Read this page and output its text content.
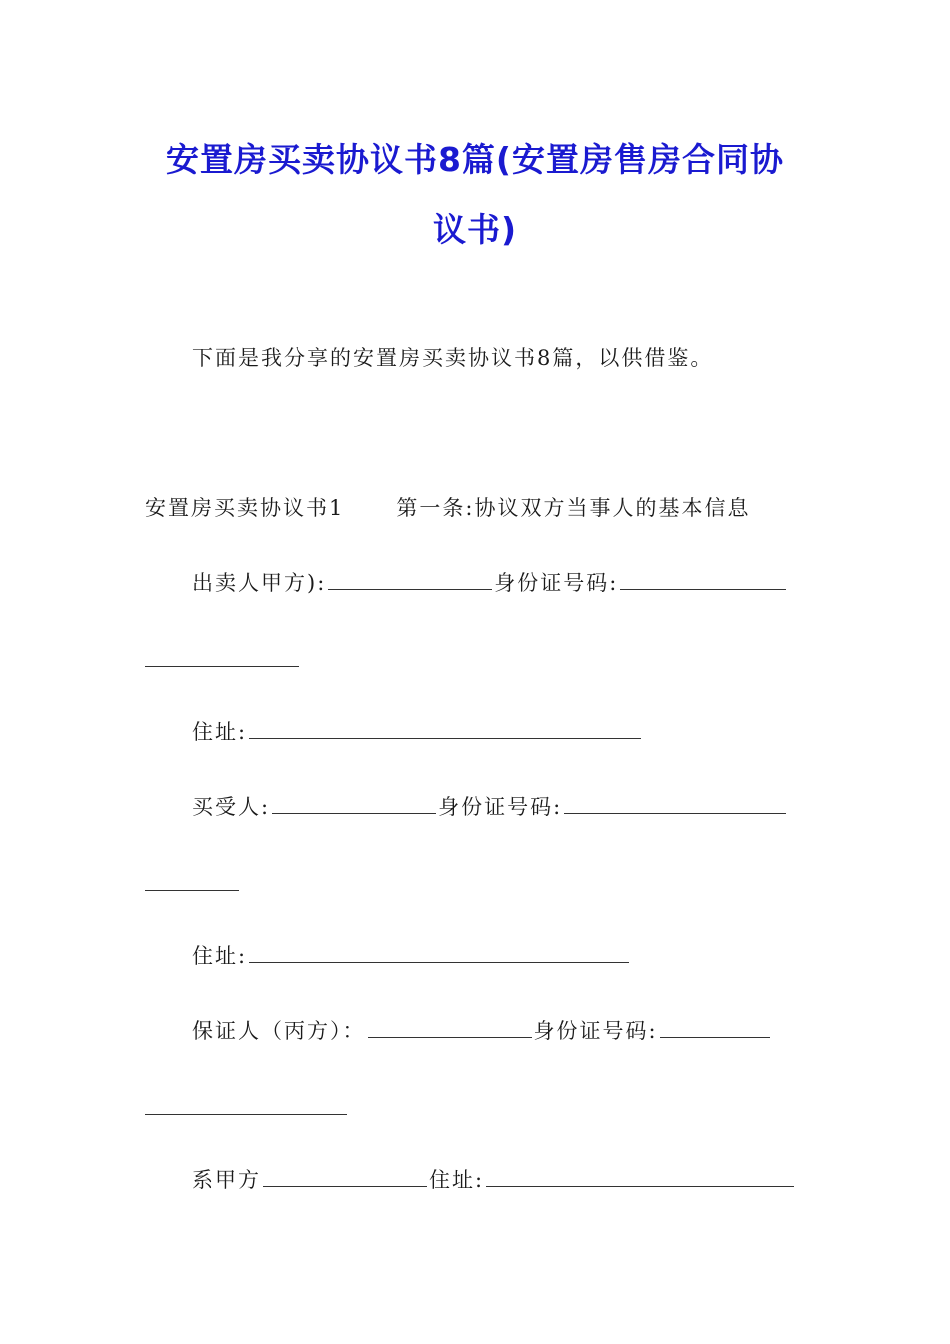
安置房买卖协议书8篇(安置房售房合同协
议书)
下面是我分享的安置房买卖协议书8篇，以供借鉴。
安置房买卖协议书1 第一条:协议双方当事人的基本信息
出卖人甲方):	身份证号码:
住址:
买受人:	身份证号码:
住址:
保证人（丙方）：	身份证号码:
系甲方	住址:
